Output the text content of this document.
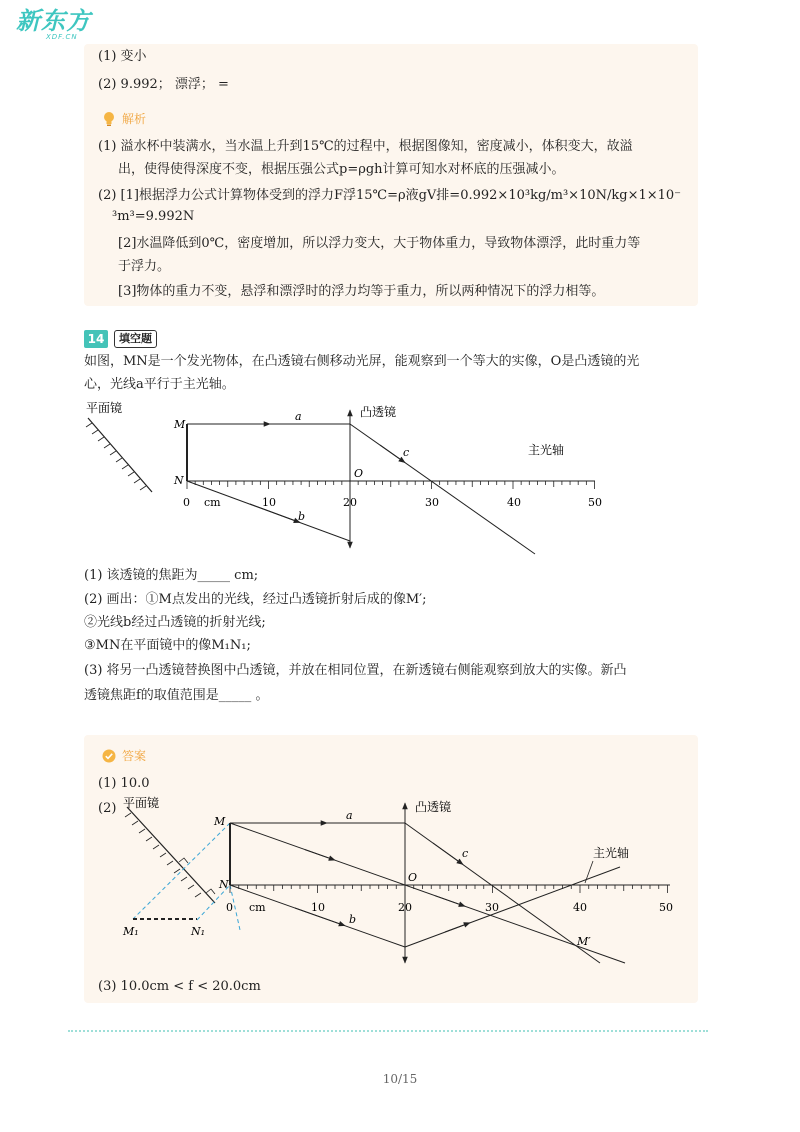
新东方
XDF.CN
(1) 变小
(2) 9.992； 漂浮； =
解析
(1) 溢水杯中装满水，当水温上升到15℃的过程中，根据图像知，密度减小，体积变大，故溢
出，使得使得深度不变，根据压强公式p=ρgh计算可知水对杯底的压强减小。
(2) [1]根据浮力公式计算物体受到的浮力F浮15℃=ρ液gV排=0.992×10³kg/m³×10N/kg×1×10⁻
³m³=9.992N
[2]水温降低到0℃，密度增加，所以浮力变大，大于物体重力，导致物体漂浮，此时重力等
于浮力。
[3]物体的重力不变，悬浮和漂浮时的浮力均等于重力，所以两种情况下的浮力相等。
14	填空题
如图，MN是一个发光物体，在凸透镜右侧移动光屏，能观察到一个等大的实像，O是凸透镜的光
心，光线a平行于主光轴。
平面镜
M
N
a	凸透镜
c
b
O
主光轴
cm
0	10	20	30	40	50
(1) 该透镜的焦距为_____ cm;
(2) 画出：①M点发出的光线，经过凸透镜折射后成的像M′;
②光线b经过凸透镜的折射光线;
③MN在平面镜中的像M₁N₁;
(3) 将另一凸透镜替换图中凸透镜，并放在相同位置，在新透镜右侧能观察到放大的实像。新凸
透镜焦距f的取值范围是_____ 。
答案
(1) 10.0
(2) 平面镜
M₁	N₁
M
N
a
凸透镜
c
b
O
主光轴
M′
cm
0	10	20	30	40	50
(3) 10.0cm < f < 20.0cm
10/15
